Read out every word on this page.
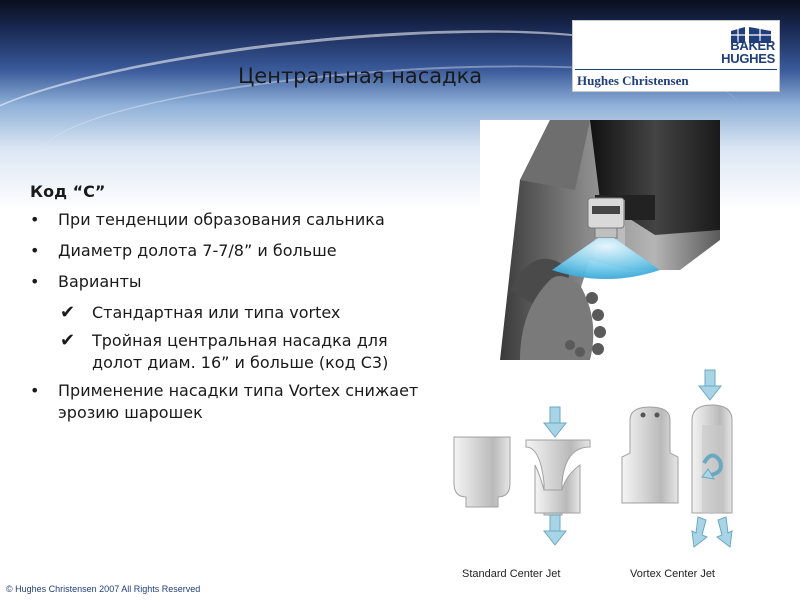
BAKER
HUGHES
Hughes Christensen
Центральная насадка
Код “С”
• При тенденции образования сальника
• Диаметр долота 7-7/8” и больше
• Варианты
✔ Стандартная или типа vortex
✔ Тройная центральная насадка для долот диам. 16” и больше (код С3)
• Применение насадки типа Vortex снижает эрозию шарошек
Standard Center Jet	Vortex Center Jet
© Hughes Christensen 2007 All Rights Reserved
